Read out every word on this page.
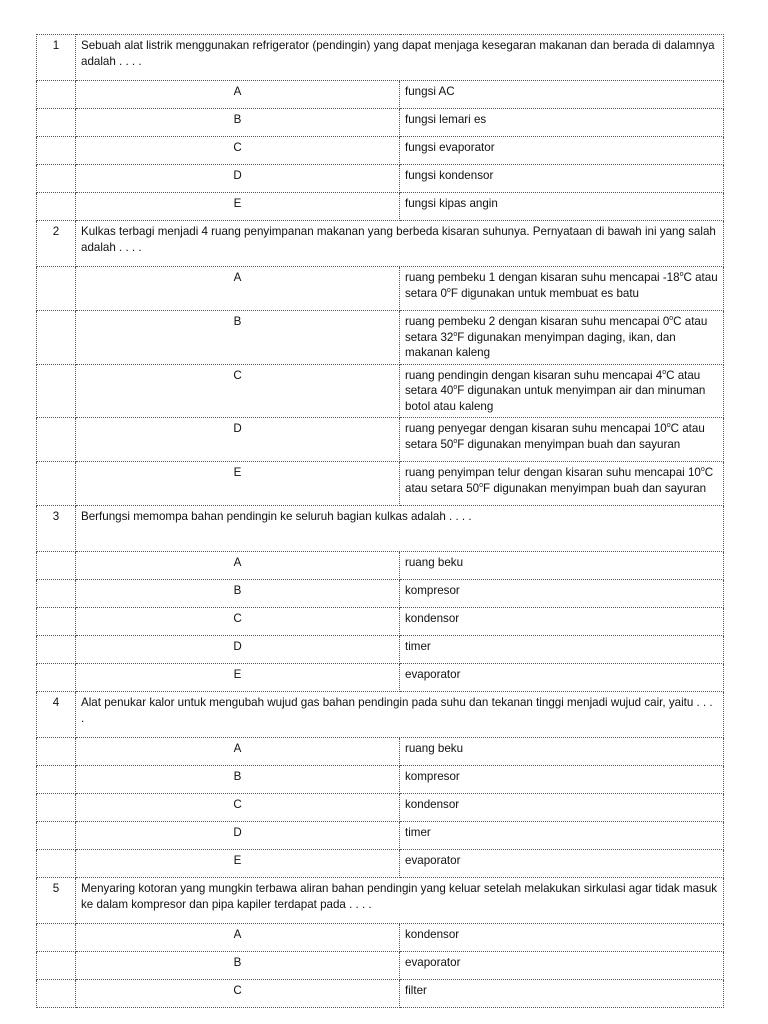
1	Sebuah alat listrik menggunakan refrigerator (pendingin) yang dapat menjaga kesegaran makanan dan berada di dalamnya adalah . . . .	
	A	fungsi AC
	B	fungsi lemari es
	C	fungsi evaporator
	D	fungsi kondensor
	E	fungsi kipas angin
2	Kulkas terbagi menjadi 4 ruang penyimpanan makanan yang berbeda kisaran suhunya. Pernyataan di bawah ini yang salah adalah . . . .	
	A	ruang pembeku 1 dengan kisaran suhu mencapai -18$^o$C atau setara 0$^o$F digunakan untuk membuat es batu
	B	ruang pembeku 2 dengan kisaran suhu mencapai 0$^o$C atau setara 32$^o$F digunakan menyimpan daging, ikan, dan makanan kaleng
	C	ruang pendingin dengan kisaran suhu mencapai 4$^o$C atau setara 40$^o$F digunakan untuk menyimpan air dan minuman botol atau kaleng
	D	ruang penyegar dengan kisaran suhu mencapai 10$^o$C atau setara 50$^o$F digunakan menyimpan buah dan sayuran
	E	ruang penyimpan telur dengan kisaran suhu mencapai 10$^o$C atau setara 50$^o$F digunakan menyimpan buah dan sayuran
3	Berfungsi memompa bahan pendingin ke seluruh bagian kulkas adalah . . . .	
	A	ruang beku
	B	kompresor
	C	kondensor
	D	timer
	E	evaporator
4	Alat penukar kalor untuk mengubah wujud gas bahan pendingin pada suhu dan tekanan tinggi menjadi wujud cair, yaitu . . . .	
	A	ruang beku
	B	kompresor
	C	kondensor
	D	timer
	E	evaporator
5	Menyaring kotoran yang mungkin terbawa aliran bahan pendingin yang keluar setelah melakukan sirkulasi agar tidak masuk ke dalam kompresor dan pipa kapiler terdapat pada . . . .	
	A	kondensor
	B	evaporator
	C	filter
